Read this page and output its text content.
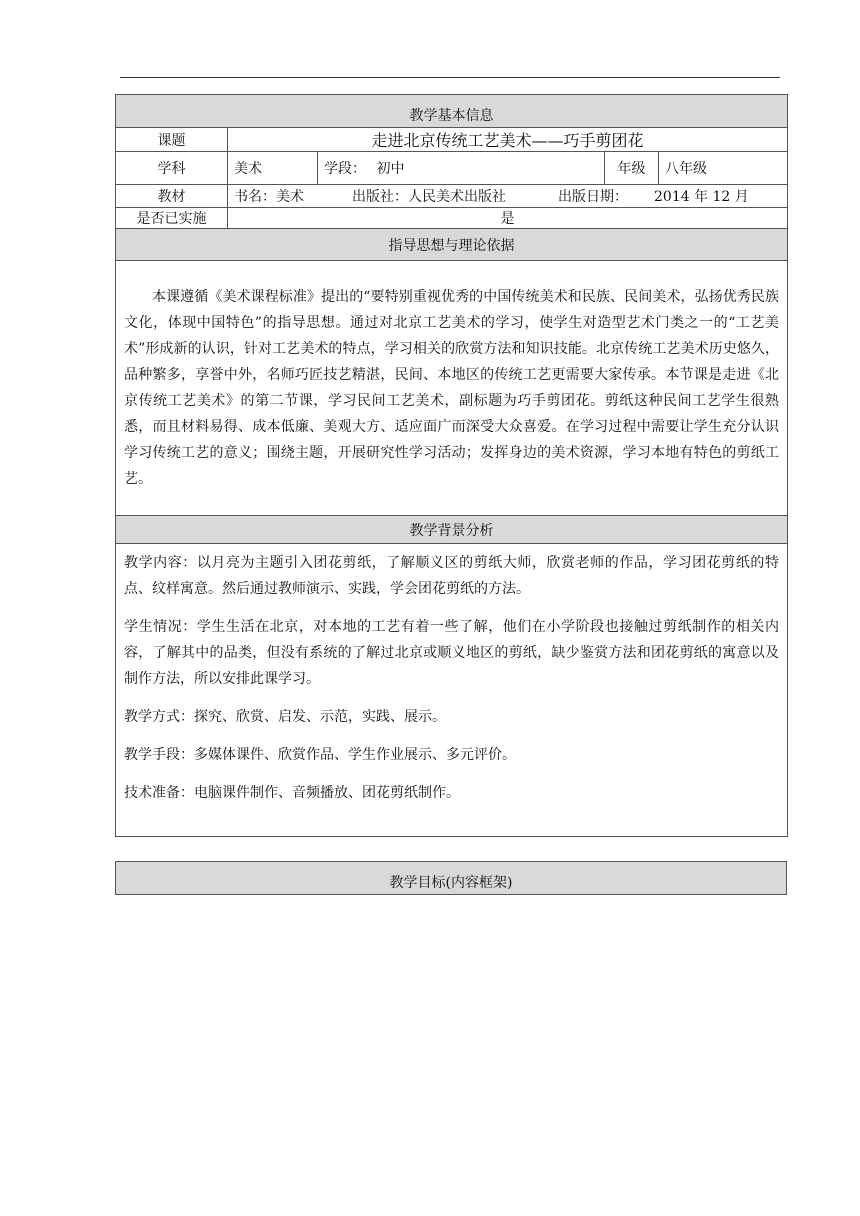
教学基本信息				
课题	走进北京传统工艺美术——巧手剪团花			
学科	美术	学段： 初中	年级	八年级
教材	书名：美术 出版社：人民美术出版社 出版日期： 2014 年 12 月			
是否已实施	是			
指导思想与理论依据				
本课遵循《美术课程标准》提出的“要特别重视优秀的中国传统美术和民族、民间美术，弘扬优秀民族文化，体现中国特色”的指导思想。通过对北京工艺美术的学习，使学生对造型艺术门类之一的“工艺美术”形成新的认识，针对工艺美术的特点，学习相关的欣赏方法和知识技能。北京传统工艺美术历史悠久，品种繁多，享誉中外，名师巧匠技艺精湛，民间、本地区的传统工艺更需要大家传承。本节课是走进《北京传统工艺美术》的第二节课，学习民间工艺美术，副标题为巧手剪团花。剪纸这种民间工艺学生很熟悉，而且材料易得、成本低廉、美观大方、适应面广而深受大众喜爱。在学习过程中需要让学生充分认识学习传统工艺的意义；围绕主题，开展研究性学习活动；发挥身边的美术资源，学习本地有特色的剪纸工艺。				
教学背景分析				

教学内容：以月亮为主题引入团花剪纸，了解顺义区的剪纸大师，欣赏老师的作品，学习团花剪纸的特点、纹样寓意。然后通过教师演示、实践，学会团花剪纸的方法。

学生情况：学生生活在北京，对本地的工艺有着一些了解，他们在小学阶段也接触过剪纸制作的相关内容，了解其中的品类，但没有系统的了解过北京或顺义地区的剪纸，缺少鉴赏方法和团花剪纸的寓意以及制作方法，所以安排此课学习。

教学方式：探究、欣赏、启发、示范，实践、展示。

教学手段：多媒体课件、欣赏作品、学生作业展示、多元评价。

技术准备：电脑课件制作、音频播放、团花剪纸制作。				

教学目标(内容框架)
